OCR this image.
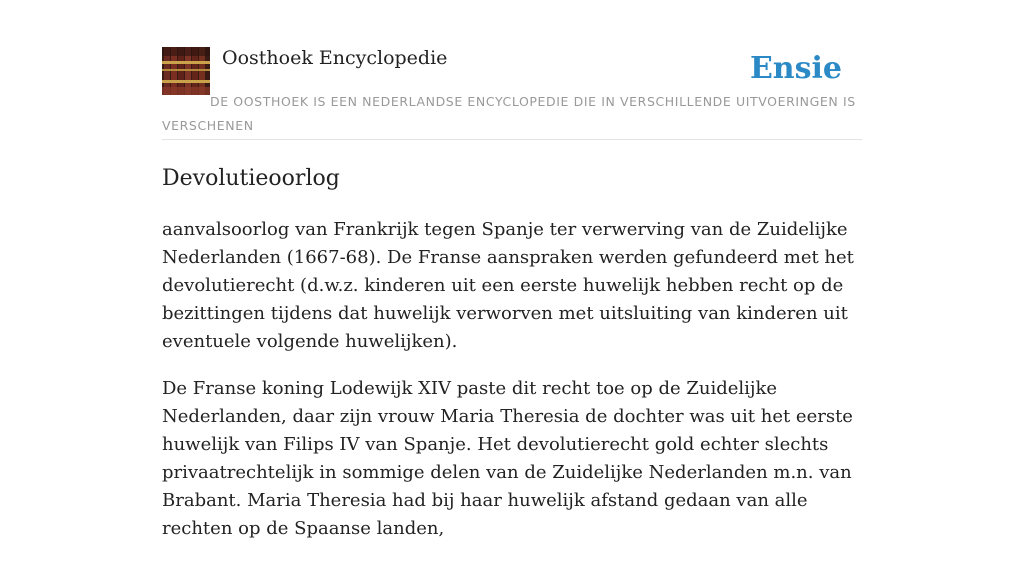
Oosthoek Encyclopedie	Ensie
DE OOSTHOEK IS EEN NEDERLANDSE ENCYCLOPEDIE DIE IN VERSCHILLENDE UITVOERINGEN IS VERSCHENEN
Devolutieoorlog

aanvalsoorlog van Frankrijk tegen Spanje ter verwerving van de Zuidelijke Nederlanden (1667-68). De Franse aanspraken werden gefundeerd met het devolutierecht (d.w.z. kinderen uit een eerste huwelijk hebben recht op de bezittingen tijdens dat huwelijk verworven met uitsluiting van kinderen uit eventuele volgende huwelijken).

De Franse koning Lodewijk XIV paste dit recht toe op de Zuidelijke Nederlanden, daar zijn vrouw Maria Theresia de dochter was uit het eerste huwelijk van Filips IV van Spanje. Het devolutierecht gold echter slechts privaatrechtelijk in sommige delen van de Zuidelijke Nederlanden m.n. van Brabant. Maria Theresia had bij haar huwelijk afstand gedaan van alle rechten op de Spaanse landen,
